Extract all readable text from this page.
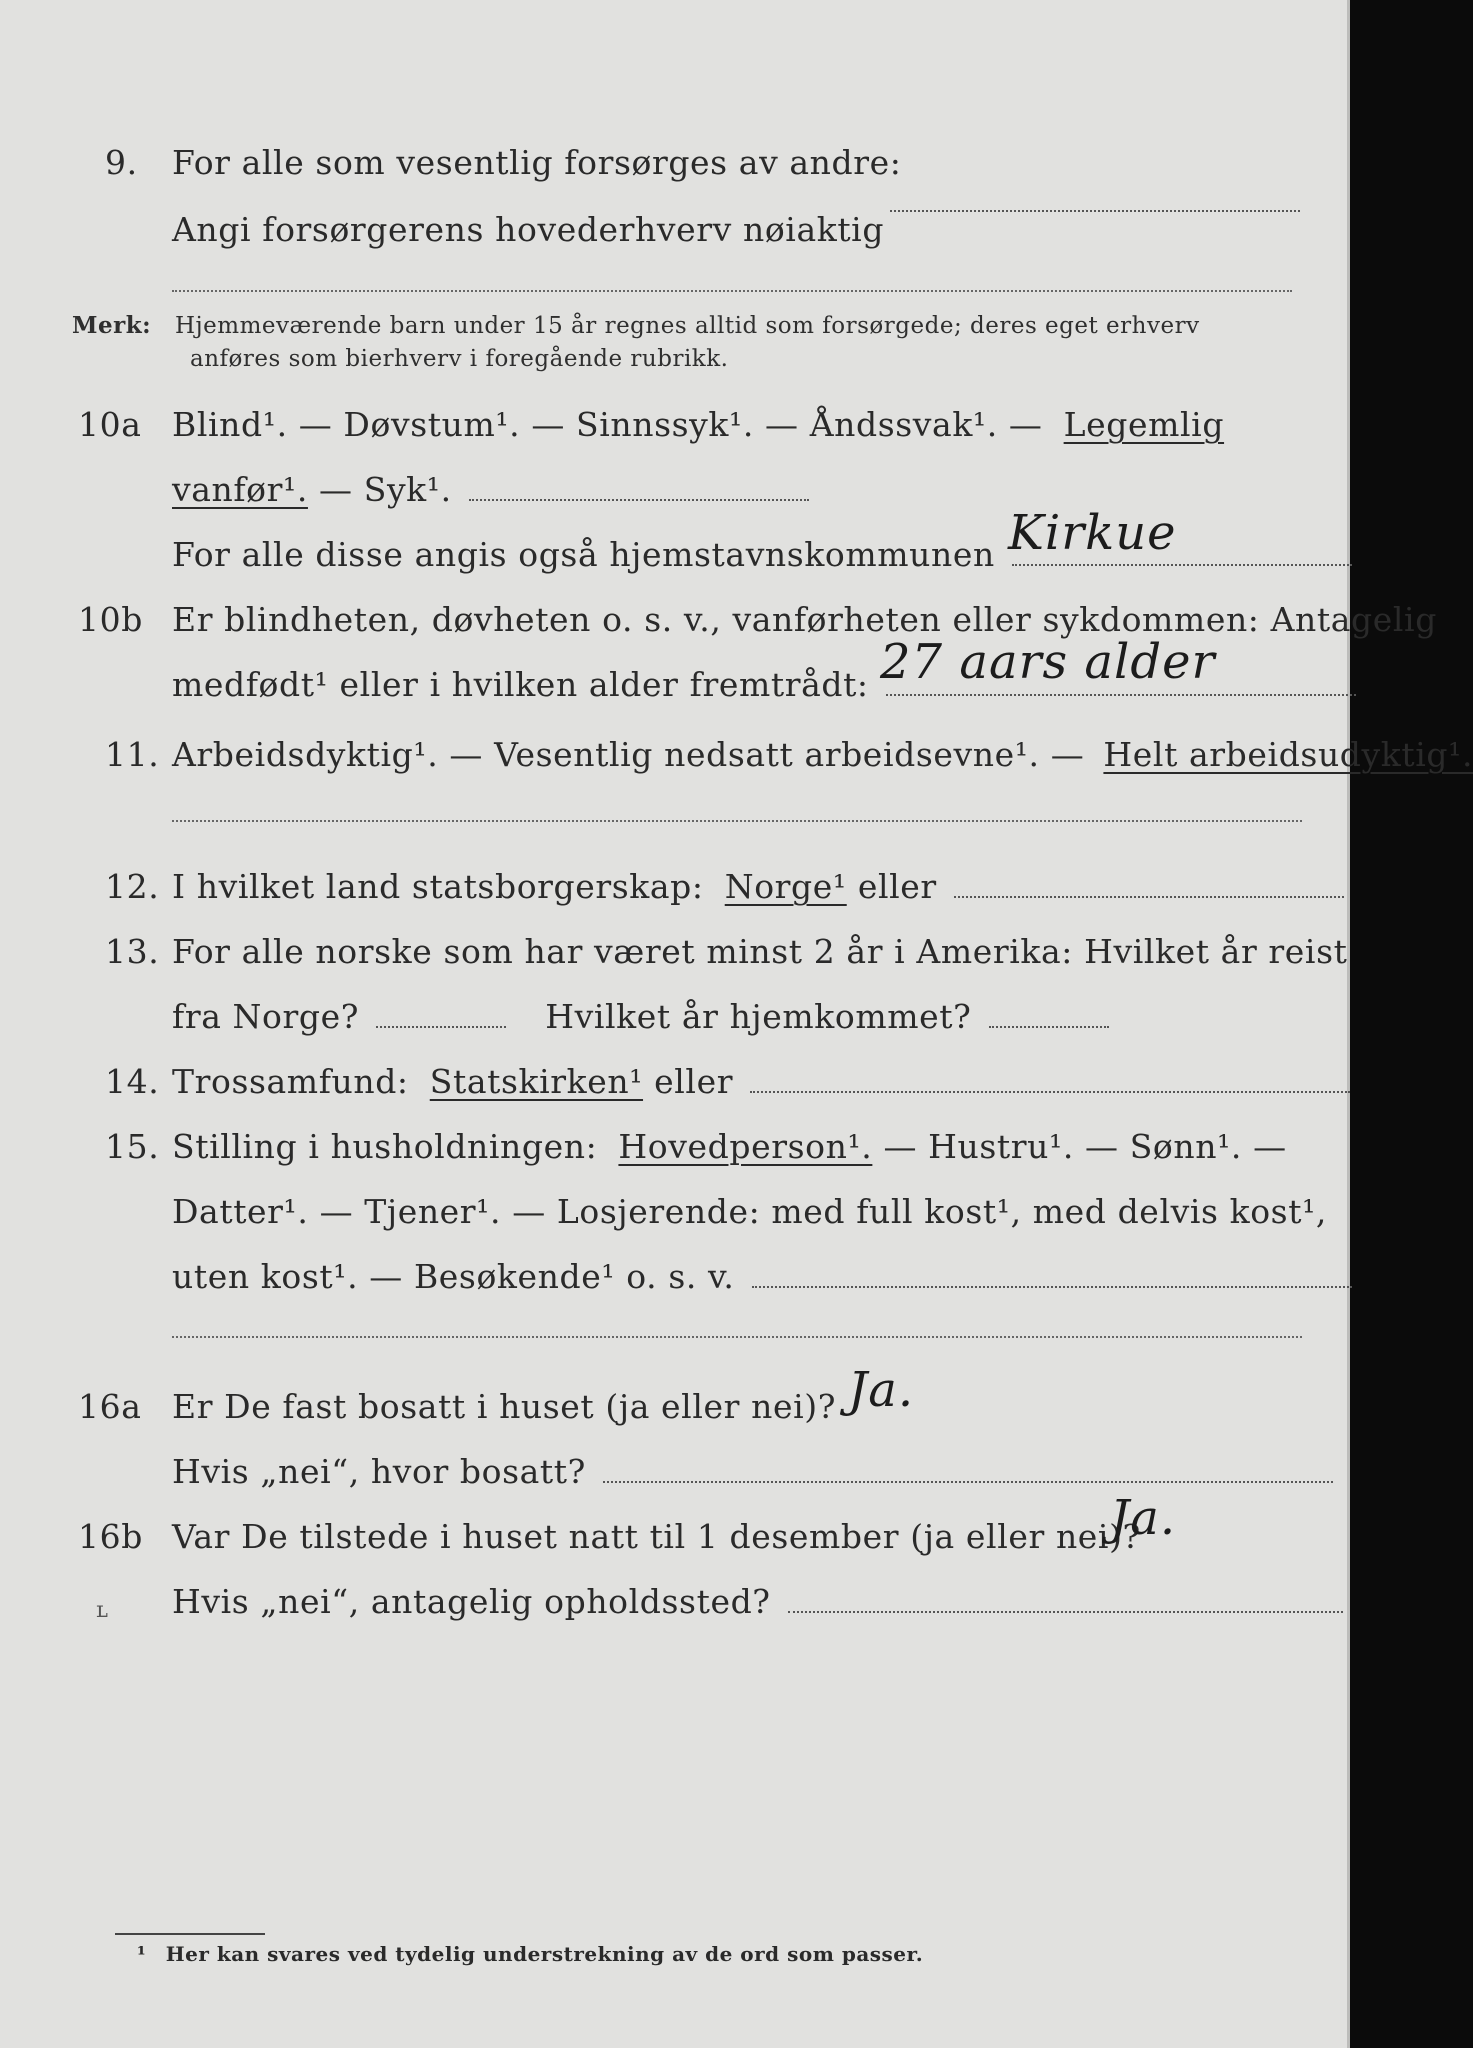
9. For alle som vesentlig forsørges av andre:
Angi forsørgerens hovederhverv nøiaktig
Merk: Hjemmeværende barn under 15 år regnes alltid som forsørgede; deres eget erhverv
anføres som bierhverv i foregående rubrikk.
10a Blind¹. — Døvstum¹. — Sinnssyk¹. — Åndssvak¹. — Legemlig
vanfør¹. — Syk¹.
For alle disse angis også hjemstavnskommunen Kirkue
10b Er blindheten, døvheten o. s. v., vanførheten eller sykdommen: Antagelig
medfødt¹ eller i hvilken alder fremtrådt: 27 aars alder
11. Arbeidsdyktig¹. — Vesentlig nedsatt arbeidsevne¹. — Helt arbeidsudyktig¹.
12. I hvilket land statsborgerskap: Norge¹ eller
13. For alle norske som har været minst 2 år i Amerika: Hvilket år reist
fra Norge?	Hvilket år hjemkommet?
14. Trossamfund: Statskirken¹ eller
15. Stilling i husholdningen: Hovedperson¹. — Hustru¹. — Sønn¹. —
Datter¹. — Tjener¹. — Losjerende: med full kost¹, med delvis kost¹,
uten kost¹. — Besøkende¹ o. s. v.
16a Er De fast bosatt i huset (ja eller nei)? Ja.
Hvis „nei“, hvor bosatt?
16b Var De tilstede i huset natt til 1 desember (ja eller nei)?
Ja.
Hvis „nei“, antagelig opholdssted?
ʟ
¹ Her kan svares ved tydelig understrekning av de ord som passer.
